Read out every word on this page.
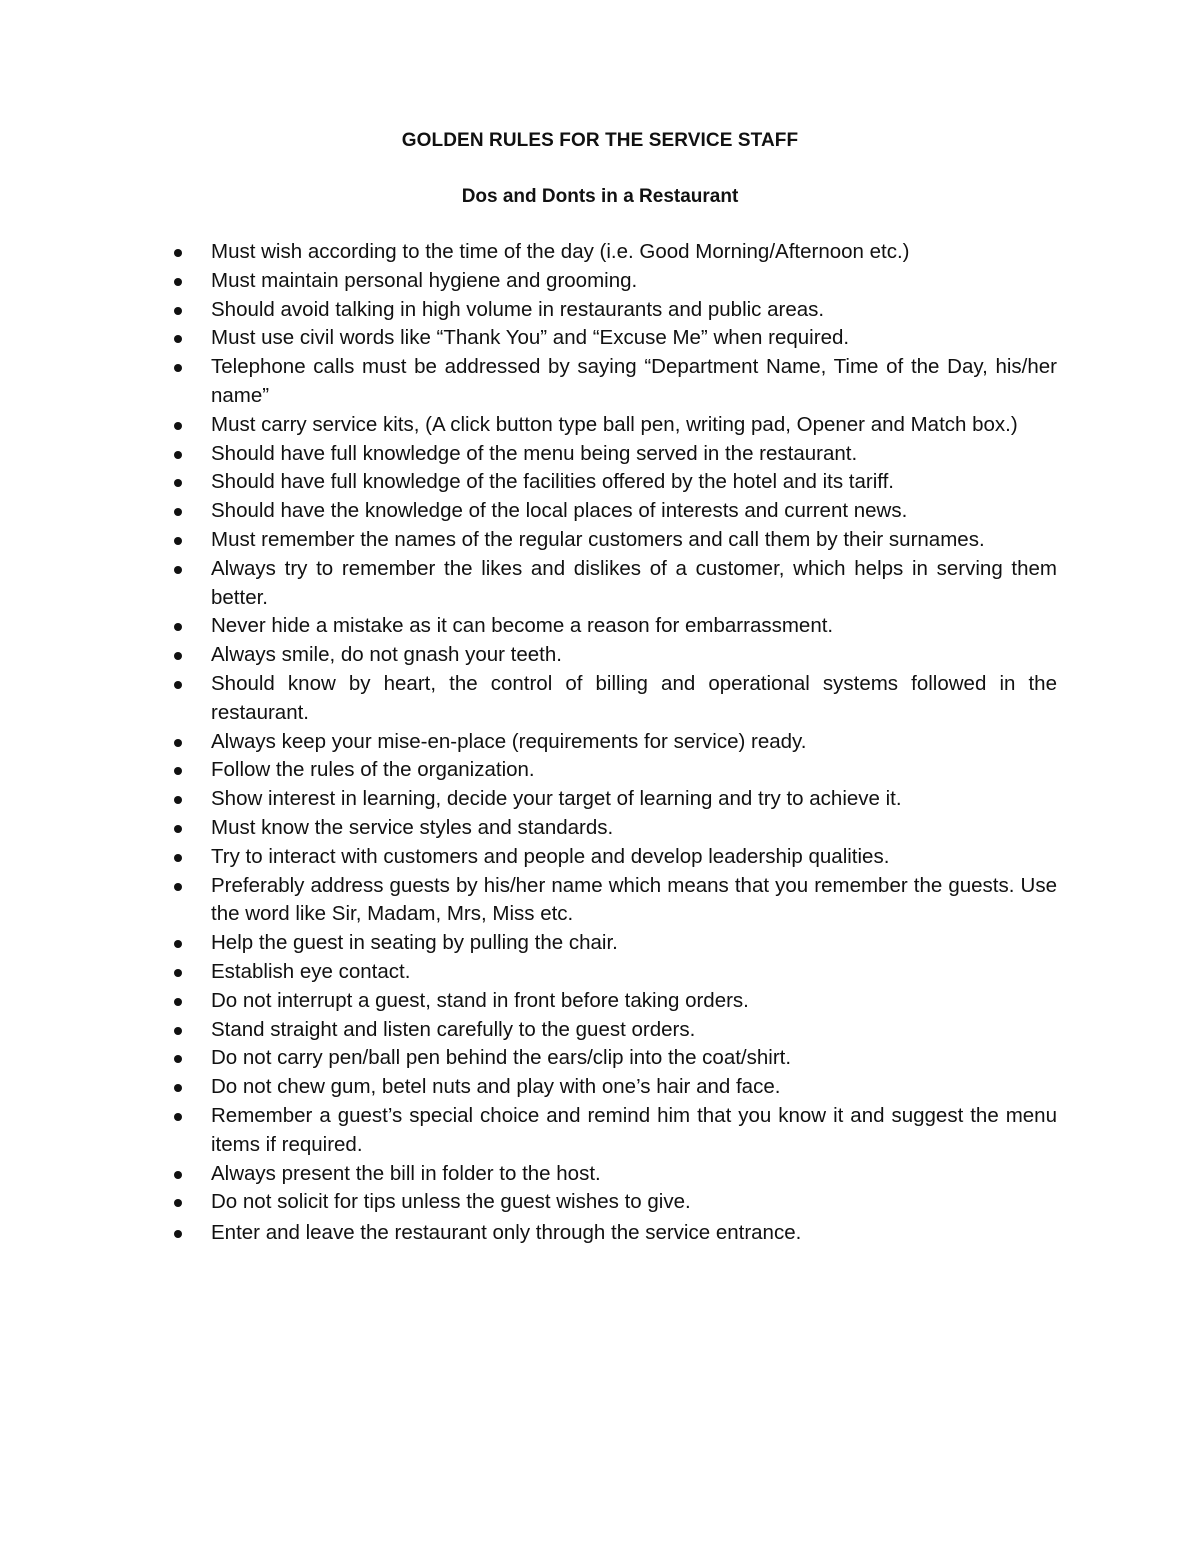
GOLDEN RULES FOR THE SERVICE STAFF
Dos and Donts in a Restaurant
Must wish according to the time of the day (i.e. Good Morning/Afternoon etc.)
Must maintain personal hygiene and grooming.
Should avoid talking in high volume in restaurants and public areas.
Must use civil words like “Thank You” and “Excuse Me” when required.
Telephone calls must be addressed by saying “Department Name, Time of the Day, his/her name”
Must carry service kits, (A click button type ball pen, writing pad, Opener and Match box.)
Should have full knowledge of the menu being served in the restaurant.
Should have full knowledge of the facilities offered by the hotel and its tariff.
Should have the knowledge of the local places of interests and current news.
Must remember the names of the regular customers and call them by their surnames.
Always try to remember the likes and dislikes of a customer, which helps in serving them better.
Never hide a mistake as it can become a reason for embarrassment.
Always smile, do not gnash your teeth.
Should know by heart, the control of billing and operational systems followed in the restaurant.
Always keep your mise-en-place (requirements for service) ready.
Follow the rules of the organization.
Show interest in learning, decide your target of learning and try to achieve it.
Must know the service styles and standards.
Try to interact with customers and people and develop leadership qualities.
Preferably address guests by his/her name which means that you remember the guests. Use the word like Sir, Madam, Mrs, Miss etc.
Help the guest in seating by pulling the chair.
Establish eye contact.
Do not interrupt a guest, stand in front before taking orders.
Stand straight and listen carefully to the guest orders.
Do not carry pen/ball pen behind the ears/clip into the coat/shirt.
Do not chew gum, betel nuts and play with one’s hair and face.
Remember a guest’s special choice and remind him that you know it and suggest the menu items if required.
Always present the bill in folder to the host.
Do not solicit for tips unless the guest wishes to give.
Enter and leave the restaurant only through the service entrance.
